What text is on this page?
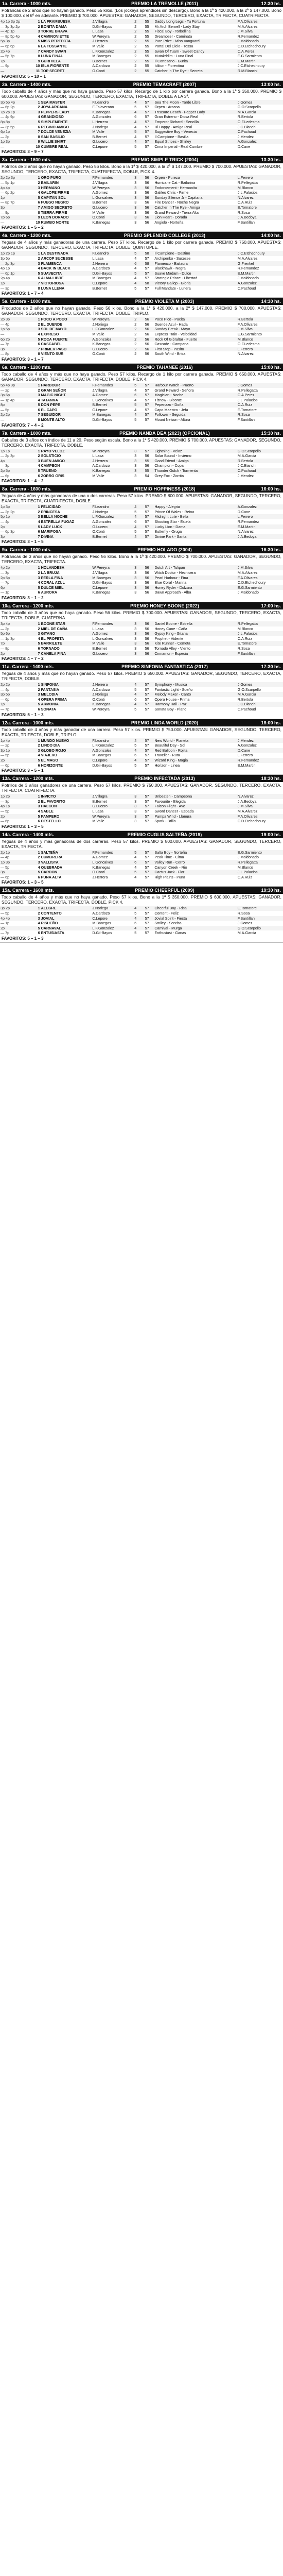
1a. Carrera - 1000 mts.	PREMIO LA TREMOLLE (2011)	12:30 hs.
Potrancas de 2 años que no hayan ganado. Peso 55 kilos. (Los jockeys aprendices sin descargo). Bono a la 1ª $ 420.000, a la 2ª $ 147.000. Bono $ 100.000. del 6º en adelante. PREMIO $ 700.000. APUESTAS: GANADOR, SEGUNDO, TERCERO, EXACTA, TRIFECTA, CUATRIFECTA.
4p 1p 3p 2p	1	LA FRAMBUESA	J.Villagra	2	55	Daddy Long Legs - Tu Fortuna	F.A.Olivares
— 3p 3p 2p	2	BONITA DAMA	D.Gil-Bayos	2	55	Mr Arch Bernell - Lady Stay	M.A.Alvarez
— 4p 1p	3	TORRE BRAVA	L.Lasa	2	55	Fiscal Boy - Torbellina	J.M.Silva
— 8p 5p 4p	4	CAMINOVIETTE	W.Pereyra	2	55	Dreamoser - Caminata	R.Fernandez
5p 3p	5	MISS PERFECTA	J.Herrera	2	55	Pure Prize - Miss Vanguard	J.Maldonado
— 6p 6p	6	LA TOSSANTE	M.Valle	2	55	Portal Del Cielo - Tossa	C.D.Etchechoury
2p 4p	7	CANDY SWAN	L.F.Gonzalez	2	55	Swan Of Tuam - Sweet Candy	C.A.Perez
— 5p 7p	8	LUNA FINAL	M.Banegas	2	55	Mutakddim - Luna Final	E.G.Sarmiento
7p	9	GURITILLA	B.Bernet	2	55	Il Cortesano - Gurita	E.M.Martin
— 9p	10	ISLA FIORENTE	A.Cardozo	2	55	Idiliun - Fiorentina	J.C.Etchechoury
—	11	TOP SECRET	O.Conti	2	55	Catcher In The Rye - Secreta	R.M.Bianchi
FAVORITOS: 5 – 10 – 1
2a. Carrera - 1400 mts.	PREMIO TEMACRAFT (2007)	13:00 hs.
Todo caballo de 4 años y más que no haya ganado. Peso 57 kilos. Recargo de 1 kilo por carrera ganada. Bono a la 1ª $ 350.000. PREMIO $ 600.000. APUESTAS: GANADOR, SEGUNDO, TERCERO, EXACTA, TRIFECTA, DOBLE A LA 3ª.
3p 5p 4p	1	SEA MASTER	F.Leandro	4	57	Sea The Moon - Tarde Libre	J.Gomez
— 6p 2p	2	JOYA ARCANA	E.Talaverano	5	57	Orpen - Arcana	G.O.Scarpello
7p 2p 1p	3	PEPPERS LADY	K.Banegas	4	57	Treasure Beach - Pepper Lady	M.A.Garcia
— 4p 9p	4	GRANDIOSO	A.Gonzalez	6	57	Gran Estreno - Diosa Real	R.Bertola
8p 8p	5	SIMPLEMENTE	L.Herrera	4	57	Emperor Richard - Sencilla	O.F.Ledesma
— 3p 5p	6	REGINO AMIGO	J.Noriega	4	57	Hi Happy - Amiga Real	J.C.Bianchi
6p 1p	7	DOLCE VENEZIA	M.Valle	5	57	Suggestive Boy - Venecia	C.Pachoud
— 2p	8	SAN BASILIO	B.Bernet	4	57	Il Campione - Basilia	J.Mendez
1p 3p	9	WILLIE SHIRT	G.Lucero	4	57	Equal Stripes - Shirley	A.Gonzalez
—	10	CUMBRE REAL	C.Lepore	5	57	Cima Imperial - Real Cumbre	D.Cane
FAVORITOS: 3 – 9 – 7
3a. Carrera - 1600 mts.	PREMIO SIMPLE TRICK (2004)	13:30 hs.
Potrillos de 3 años que no hayan ganado. Peso 56 kilos. Bono a la 1ª $ 420.000, a la 2ª $ 147.000. PREMIO $ 700.000. APUESTAS: GANADOR, SEGUNDO, TERCERO, EXACTA, TRIFECTA, CUATRIFECTA, DOBLE, PICK 4.
2p 2p 3p	1	ORO PURO	F.Fernandes	3	56	Orpen - Pureza	L.Ferrero
— 5p 1p	2	BAILARIN	J.Villagra	3	56	Hurricane Cat - Bailarina	R.Pellegatta
4p 4p	3	HERMANO	W.Pereyra	3	56	Endorsement - Hermanita	M.Blanco
— 6p 2p	4	GALOPE FIRME	A.Gomez	3	56	Galileo Chris - Firme	J.L.Palacios
1p	5	CAPITAN SOL	L.Goncalves	3	56	Sunday Silence Jr - Capitana	N.Alvarez
— 8p 7p	6	FUEGO NEGRO	B.Bernet	3	56	Fire Dancer - Noche Negra	C.A.Ruiz
3p	7	AMIGO SECRETO	G.Lucero	3	56	Catcher In The Rye - Amiga	E.Tornatore
— 9p	8	TIERRA FIRME	M.Valle	3	56	Grand Reward - Tierra Alta	R.Sosa
7p 6p	9	LEON DORADO	O.Conti	3	56	Lion Heart - Dorada	J.A.Bedoya
—	10	RUMBO NORTE	K.Banegas	3	56	Angiolo - Norteña	F.Santillan
FAVORITOS: 1 – 5 – 2
4a. Carrera - 1200 mts.	PREMIO SPLENDID COLLEGE (2013)	14:00 hs.
Yeguas de 4 años y más ganadoras de una carrera. Peso 57 kilos. Recargo de 1 kilo por carrera ganada. PREMIO $ 750.000. APUESTAS: GANADOR, SEGUNDO, TERCERO, EXACTA, TRIFECTA, DOBLE, QUINTUPLE.
1p 2p 1p	1	LA DESTINADA	F.Leandro	5	58	Il Campione - Destino	J.C.Etchechoury
3p 5p	2	ARCOP SUCESSE	L.Lasa	4	57	Archipenko - Suxesse	M.A.Alvarez
— 2p 3p	3	FLAMENCA	J.Herrera	6	58	Flamenco - Bailaora	G.Frenkel
4p 1p	4	BACK IN BLACK	A.Cardozo	4	57	Blackhawk - Negra	R.Fernandez
— 6p 1p	5	SUAVECITA	D.Gil-Bayos	5	57	Suave Madam - Dulce	E.M.Martin
2p 4p	6	ALMA LIBRE	M.Banegas	4	57	Strategic Prince - Libertad	J.Maldonado
1p	7	VICTORIOSA	C.Lepore	4	58	Victory Gallop - Gloria	A.Gonzalez
— 3p	8	LUNA LLENA	B.Bernet	5	57	Full Mandate - Lunera	C.Pachoud
FAVORITOS: 1 – 7 – 4
5a. Carrera - 1000 mts.	PREMIO VIOLETA M (2003)	14:30 hs.
Productos de 2 años que no hayan ganado. Peso 56 kilos. Bono a la 1ª $ 420.000, a la 2ª $ 147.000. PREMIO $ 700.000. APUESTAS: GANADOR, SEGUNDO, TERCERO, EXACTA, TRIFECTA, DOBLE, TRIPLO.
2p 3p	1	POCO A POCO	W.Pereyra	2	56	Poco Pico - Pacita	R.Bertola
— 4p	2	EL DUENDE	J.Noriega	2	56	Duende Azul - Hada	F.A.Olivares
1p 5p	3	SOL DE MAYO	L.F.Gonzalez	2	56	Sunday Break - Mayo	J.M.Silva
—	4	EXPRESO	M.Valle	2	56	Express Train - Velocidad	E.G.Sarmiento
6p 2p	5	ROCA FUERTE	A.Gonzalez	2	56	Rock Of Gibraltar - Fuerte	M.Blanco
— 7p	6	CASCABEL	K.Banegas	2	56	Cascade - Campana	O.F.Ledesma
3p	7	PRIMER PASO	G.Lucero	2	56	First Step - Pasito	L.Ferrero
— 8p	8	VIENTO SUR	O.Conti	2	56	South Wind - Brisa	N.Alvarez
FAVORITOS: 3 – 1 – 7
6a. Carrera - 1200 mts.	PREMIO TAHANEE (2016)	15:00 hs.
Todo caballo de 4 años y más que no haya ganado. Peso 57 kilos. Recargo de 1 kilo por carrera ganada. PREMIO $ 650.000. APUESTAS: GANADOR, SEGUNDO, TERCERO, EXACTA, TRIFECTA, DOBLE, PICK 4.
5p 4p 3p	1	HARBOUR	F.Fernandes	5	57	Harbour Watch - Puerto	J.Gomez
— 2p	2	GRAN SEÑOR	J.Villagra	4	57	Grand Reward - Señora	R.Pellegatta
3p 6p	3	MAGIC NIGHT	A.Gomez	6	57	Magician - Noche	C.A.Perez
— 1p 4p	4	TATANKA	L.Goncalves	4	57	Tiznow - Bisonte	J.L.Palacios
8p	5	DON PEPE	B.Bernet	5	57	Pepenazo - Doña	C.A.Ruiz
— 5p	6	EL CAPO	C.Lepore	4	57	Capo Maestro - Jefa	E.Tornatore
2p 2p	7	SEGUIDOR	M.Banegas	4	57	Follower - Seguida	R.Sosa
—	8	MONTE ALTO	D.Gil-Bayos	5	57	Mount Nelson - Altura	F.Santillan
FAVORITOS: 7 – 4 – 2
7a. Carrera - 1000 mts.	PREMIO NANDA DEA (2023) (OPCIONAL)	15:30 hs.
Caballos de 3 años con índice de 11 a 20. Peso según escala. Bono a la 1ª $ 420.000. PREMIO $ 700.000. APUESTAS: GANADOR, SEGUNDO, TERCERO, EXACTA, TRIFECTA, DOBLE.
1p 1p	1	RAYO VELOZ	W.Pereyra	3	57	Lightning - Veloz	G.O.Scarpello
— 2p 3p	2	SOLSTICIO	L.Lasa	3	56	Solar Bound - Invierno	M.A.Garcia
4p	3	BUEN AMIGO	J.Herrera	3	55	Good Friend - Amiga	R.Bertola
— 3p	4	CAMPEON	A.Cardozo	3	56	Champion - Copa	J.C.Bianchi
2p 5p	5	TRUENO	K.Banegas	3	55	Thunder Gulch - Tormenta	C.Pachoud
— 6p	6	ZORRO GRIS	M.Valle	3	54	Grey Fox - Zorrita	J.Mendez
FAVORITOS: 1 – 4 – 2
8a. Carrera - 1600 mts.	PREMIO HOPPINESS (2018)	16:00 hs.
Yeguas de 4 años y más ganadoras de una o dos carreras. Peso 57 kilos. PREMIO $ 800.000. APUESTAS: GANADOR, SEGUNDO, TERCERO, EXACTA, TRIFECTA, CUATRIFECTA, DOBLE.
1p 3p	1	FELICIDAD	F.Leandro	4	57	Happy - Alegria	A.Gonzalez
— 2p 2p	2	PRINCESA	J.Noriega	5	57	Prince Of Wales - Reina	D.Cane
5p 1p	3	BELLA NOCHE	L.F.Gonzalez	4	57	Midnight Lute - Bella	L.Ferrero
— 4p	4	ESTRELLA FUGAZ	A.Gonzalez	6	57	Shooting Star - Estela	R.Fernandez
2p	5	LADY LUCK	G.Lucero	4	57	Lucky Lion - Dama	E.M.Martin
— 6p 3p	6	MARIPOSA	O.Conti	5	57	Butterfly - Oruga	N.Alvarez
3p	7	DIVINA	B.Bernet	4	57	Divine Park - Santa	J.A.Bedoya
FAVORITOS: 3 – 1 – 5
9a. Carrera - 1000 mts.	PREMIO HOLADO (2004)	16:30 hs.
Potrancas de 3 años que no hayan ganado. Peso 56 kilos. Bono a la 1ª $ 420.000. PREMIO $ 700.000. APUESTAS: GANADOR, SEGUNDO, TERCERO, EXACTA, TRIFECTA.
4p 2p	1	HOLANDESA	W.Pereyra	3	56	Dutch Art - Tulipan	J.M.Silva
— 3p	2	LA BRUJA	J.Villagra	3	56	Witch Doctor - Hechicera	M.A.Alvarez
2p 5p	3	PERLA FINA	M.Banegas	3	56	Pearl Harbour - Fina	F.A.Olivares
— 7p	4	CORAL AZUL	D.Gil-Bayos	3	56	Blue Coral - Marina	C.D.Etchechoury
6p	5	DULCE MIEL	C.Lepore	3	56	Honey Ryder - Dulzura	E.G.Sarmiento
— 1p	6	AURORA	K.Banegas	3	56	Dawn Approach - Alba	J.Maldonado
FAVORITOS: 3 – 1 – 2
10a. Carrera - 1200 mts.	PREMIO HONEY BOONE (2022)	17:00 hs.
Todo caballo de 3 años que no haya ganado. Peso 56 kilos. PREMIO $ 700.000. APUESTAS: GANADOR, SEGUNDO, TERCERO, EXACTA, TRIFECTA, DOBLE, CUATERNA.
3p 4p	1	BOONE STAR	F.Fernandes	3	56	Daniel Boone - Estrella	R.Pellegatta
— 2p	2	MIEL DE CAÑA	L.Lasa	3	56	Honey Cane - Caña	M.Blanco
5p 6p	3	GITANO	A.Gomez	3	56	Gypsy King - Gitana	J.L.Palacios
— 1p 3p	4	EL PROFETA	L.Goncalves	3	56	Prophet - Vidente	C.A.Ruiz
7p	5	BARRILETE	M.Valle	3	56	Kite Runner - Cometa	E.Tornatore
— 8p	6	TORNADO	B.Bernet	3	56	Tornado Alley - Viento	R.Sosa
2p	7	CANELA FINA	G.Lucero	3	56	Cinnamon - Especia	F.Santillan
FAVORITOS: 4 – 7 – 2
11a. Carrera - 1400 mts.	PREMIO SINFONIA FANTASTICA (2017)	17:30 hs.
Yeguas de 4 años y más que no hayan ganado. Peso 57 kilos. PREMIO $ 650.000. APUESTAS: GANADOR, SEGUNDO, TERCERO, EXACTA, TRIFECTA, DOBLE.
2p 2p	1	SINFONIA	J.Herrera	4	57	Symphony - Musica	J.Gomez
— 4p	2	FANTASIA	A.Cardozo	5	57	Fantastic Light - Sueño	G.O.Scarpello
3p 5p	3	MELODIA	J.Noriega	4	57	Melody Maker - Canto	M.A.Garcia
— 6p	4	OPERA PRIMA	O.Conti	6	57	Opera House - Prima	R.Bertola
1p	5	ARMONIA	K.Banegas	4	57	Harmony Hall - Paz	J.C.Bianchi
— 7p	6	SONATA	W.Pereyra	5	57	Sonata Boy - Piano	C.Pachoud
FAVORITOS: 5 – 1 – 3
12a. Carrera - 1000 mts.	PREMIO LINDA WORLD (2020)	18:00 hs.
Todo caballo de 4 años y más ganador de una carrera. Peso 57 kilos. PREMIO $ 750.000. APUESTAS: GANADOR, SEGUNDO, TERCERO, EXACTA, TRIFECTA, DOBLE, TRIPLO.
1p 4p	1	MUNDO NUEVO	F.Leandro	4	57	New World - Planeta	J.Mendez
— 2p	2	LINDO DIA	L.F.Gonzalez	5	57	Beautiful Day - Sol	A.Gonzalez
3p 1p	3	GLOBO ROJO	A.Gonzalez	4	57	Red Balloon - Rojita	D.Cane
— 5p	4	VIAJERO	M.Banegas	6	57	Traveller - Ruta	L.Ferrero
2p	5	EL MAGO	C.Lepore	4	57	Wizard King - Magia	R.Fernandez
— 6p	6	HORIZONTE	D.Gil-Bayos	5	57	Horizon - Linea	E.M.Martin
FAVORITOS: 3 – 5 – 1
13a. Carrera - 1200 mts.	PREMIO INFECTADA (2013)	18:30 hs.
Potrillos de 3 años ganadores de una carrera. Peso 57 kilos. PREMIO $ 750.000. APUESTAS: GANADOR, SEGUNDO, TERCERO, EXACTA, TRIFECTA, CUATRIFECTA.
1p 2p	1	INVICTO	J.Villagra	3	57	Unbeaten - Campeona	N.Alvarez
— 3p	2	EL FAVORITO	B.Bernet	3	57	Favourite - Elegida	J.A.Bedoya
4p 1p	3	HALCON	G.Lucero	3	57	Falcon Flight - Ave	J.M.Silva
— 5p	4	SABLE	L.Lasa	3	57	Sword Dancer - Espada	M.A.Alvarez
2p	5	PAMPERO	W.Pereyra	3	57	Pampa Wind - Llanura	F.A.Olivares
— 6p	6	DESTELLO	M.Valle	3	57	Spark - Brillo	C.D.Etchechoury
FAVORITOS: 1 – 3 – 5
14a. Carrera - 1400 mts.	PREMIO CUGLIS SALTEÑA (2019)	19:00 hs.
Yeguas de 4 años y más ganadoras de dos carreras. Peso 57 kilos. PREMIO $ 800.000. APUESTAS: GANADOR, SEGUNDO, TERCERO, EXACTA, TRIFECTA.
2p 1p	1	SALTEÑA	F.Fernandes	5	57	Salta Boy - Norteña	E.G.Sarmiento
— 4p	2	CUMBRERA	A.Gomez	4	57	Peak Time - Cima	J.Maldonado
1p 3p	3	VALLISTA	L.Goncalves	6	57	Valley Run - Cerro	R.Pellegatta
— 5p	4	QUEBRADA	K.Banegas	4	57	Canyon Creek - Rio	M.Blanco
3p	5	CARDON	O.Conti	5	57	Cactus Jack - Flor	J.L.Palacios
— 6p	6	PUNA ALTA	J.Herrera	4	57	High Plains - Puna	C.A.Ruiz
FAVORITOS: 1 – 3 – 5
15a. Carrera - 1600 mts.	PREMIO CHEERFUL (2009)	19:30 hs.
Todo caballo de 4 años y más que no haya ganado. Peso 57 kilos. Bono a la 1ª $ 350.000. PREMIO $ 600.000. APUESTAS: GANADOR, SEGUNDO, TERCERO, EXACTA, TRIFECTA, DOBLE, PICK 4.
3p 2p	1	ALEGRE	J.Noriega	4	57	Cheerful Boy - Risa	E.Tornatore
— 5p	2	CONTENTO	A.Cardozo	5	57	Content - Feliz	R.Sosa
4p 4p	3	JOVIAL	C.Lepore	4	57	Jovial Spirit - Fiesta	F.Santillan
— 1p	4	RISUEÑO	M.Banegas	6	57	Smiley - Sonrisa	J.Gomez
2p	5	CARNAVAL	L.F.Gonzalez	4	57	Carnival - Murga	G.O.Scarpello
— 7p	6	ENTUSIASTA	D.Gil-Bayos	5	57	Enthusiast - Ganas	M.A.Garcia
FAVORITOS: 5 – 1 – 3
